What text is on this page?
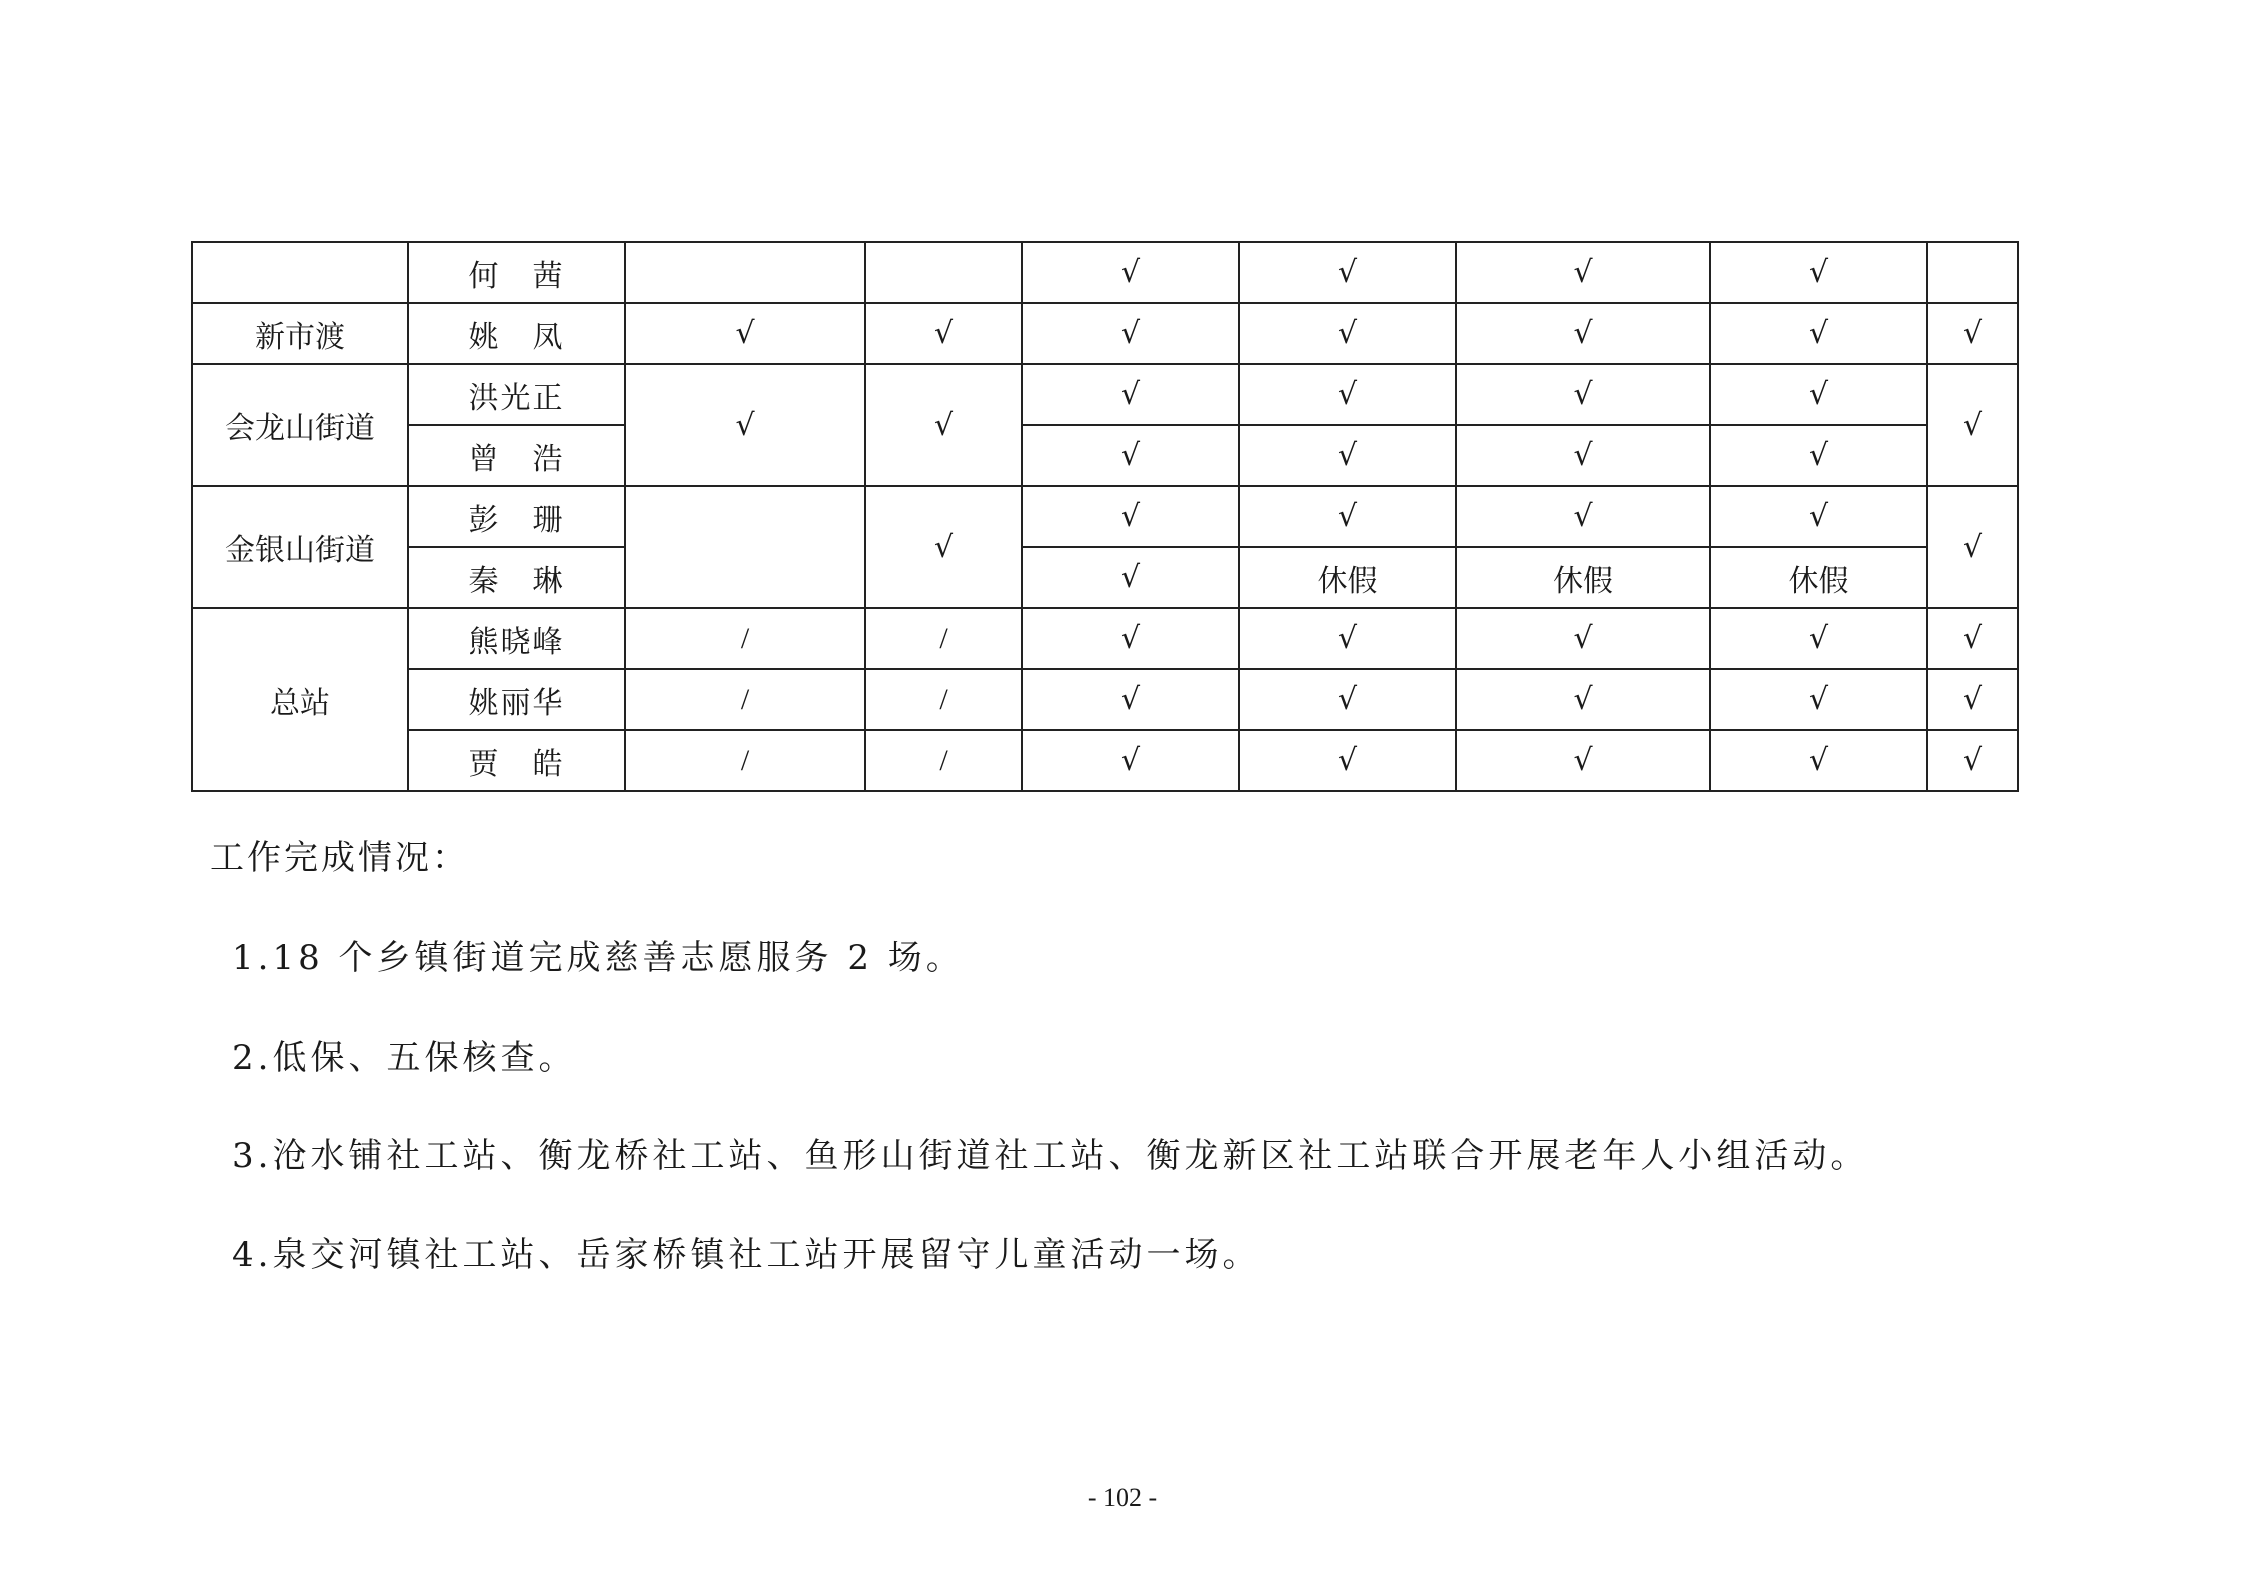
	何　茜			√	√	√	√	
新市渡	姚　凤	√	√	√	√	√	√	√
会龙山街道	洪光正	√	√	√	√	√	√	√
	曾　浩			√	√	√	√	
金银山街道	彭　珊		√	√	√	√	√	√
	秦　琳			√	休假	休假	休假	
总站	熊晓峰	/	/	√	√	√	√	√
	姚丽华	/	/	√	√	√	√	√
	贾　皓	/	/	√	√	√	√	√
工作完成情况：
1.18 个乡镇街道完成慈善志愿服务 2 场。
2.低保、五保核查。
3.沧水铺社工站、衡龙桥社工站、鱼形山街道社工站、衡龙新区社工站联合开展老年人小组活动。
4.泉交河镇社工站、岳家桥镇社工站开展留守儿童活动一场。
- 102 -
